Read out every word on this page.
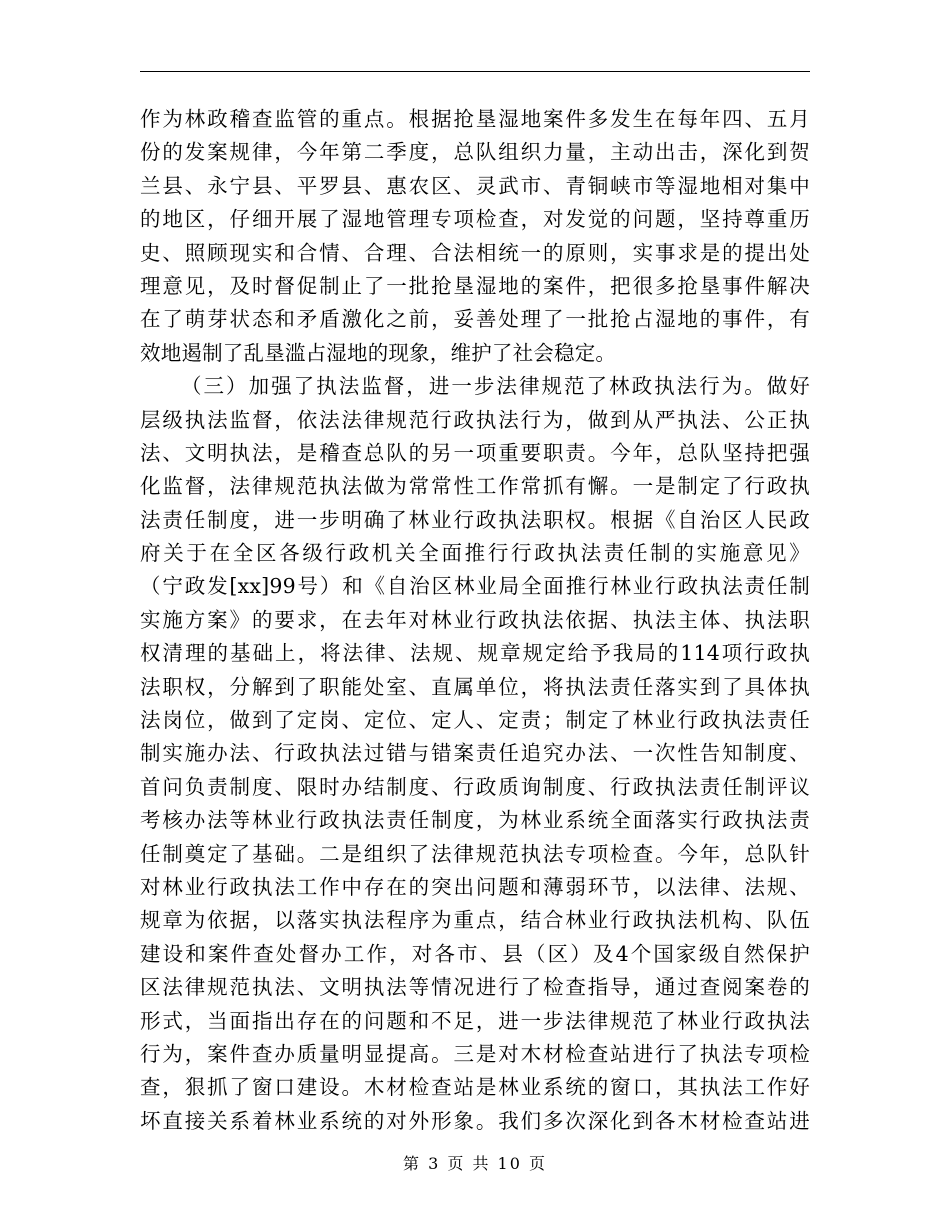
作为林政稽查监管的重点。根据抢垦湿地案件多发生在每年四、五月
份的发案规律，今年第二季度，总队组织力量，主动出击，深化到贺
兰县、永宁县、平罗县、惠农区、灵武市、青铜峡市等湿地相对集中
的地区，仔细开展了湿地管理专项检查，对发觉的问题，坚持尊重历
史、照顾现实和合情、合理、合法相统一的原则，实事求是的提出处
理意见，及时督促制止了一批抢垦湿地的案件，把很多抢垦事件解决
在了萌芽状态和矛盾激化之前，妥善处理了一批抢占湿地的事件，有
效地遏制了乱垦滥占湿地的现象，维护了社会稳定。
（三）加强了执法监督，进一步法律规范了林政执法行为。做好
层级执法监督，依法法律规范行政执法行为，做到从严执法、公正执
法、文明执法，是稽查总队的另一项重要职责。今年，总队坚持把强
化监督，法律规范执法做为常常性工作常抓有懈。一是制定了行政执
法责任制度，进一步明确了林业行政执法职权。根据《自治区人民政
府关于在全区各级行政机关全面推行行政执法责任制的实施意见》
（宁政发[xx]99号）和《自治区林业局全面推行林业行政执法责任制
实施方案》的要求，在去年对林业行政执法依据、执法主体、执法职
权清理的基础上，将法律、法规、规章规定给予我局的114项行政执
法职权，分解到了职能处室、直属单位，将执法责任落实到了具体执
法岗位，做到了定岗、定位、定人、定责；制定了林业行政执法责任
制实施办法、行政执法过错与错案责任追究办法、一次性告知制度、
首问负责制度、限时办结制度、行政质询制度、行政执法责任制评议
考核办法等林业行政执法责任制度，为林业系统全面落实行政执法责
任制奠定了基础。二是组织了法律规范执法专项检查。今年，总队针
对林业行政执法工作中存在的突出问题和薄弱环节，以法律、法规、
规章为依据，以落实执法程序为重点，结合林业行政执法机构、队伍
建设和案件查处督办工作，对各市、县（区）及4个国家级自然保护
区法律规范执法、文明执法等情况进行了检查指导，通过查阅案卷的
形式，当面指出存在的问题和不足，进一步法律规范了林业行政执法
行为，案件查办质量明显提高。三是对木材检查站进行了执法专项检
查，狠抓了窗口建设。木材检查站是林业系统的窗口，其执法工作好
坏直接关系着林业系统的对外形象。我们多次深化到各木材检查站进
第 3 页 共 10 页
